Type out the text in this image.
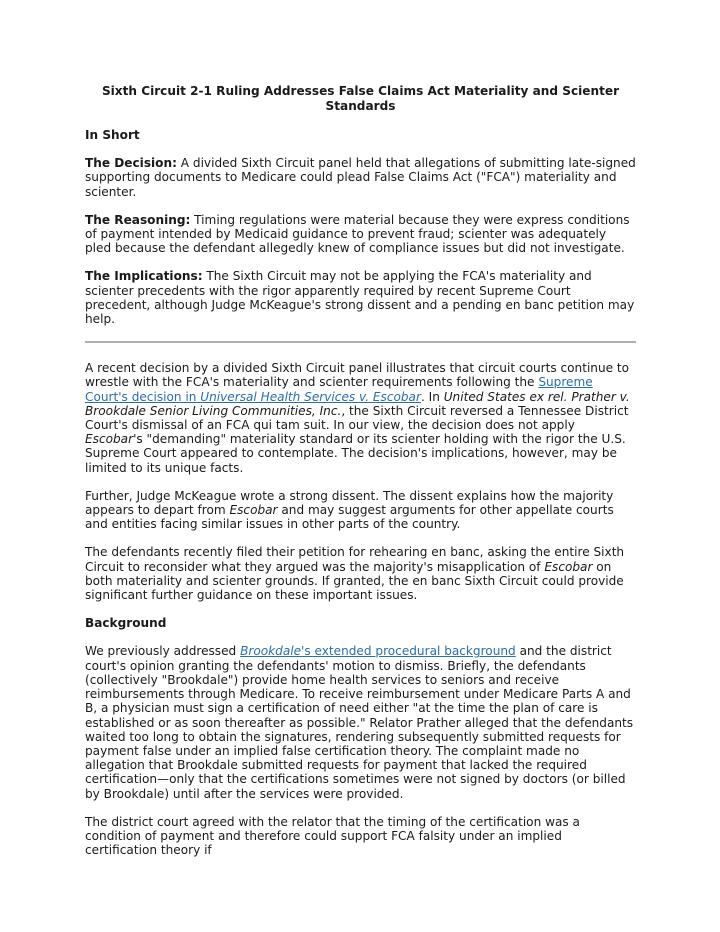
Sixth Circuit 2-1 Ruling Addresses False Claims Act Materiality and Scienter Standards
In Short

The Decision: A divided Sixth Circuit panel held that allegations of submitting late-signed supporting documents to Medicare could plead False Claims Act ("FCA") materiality and scienter.

The Reasoning: Timing regulations were material because they were express conditions of payment intended by Medicaid guidance to prevent fraud; scienter was adequately pled because the defendant allegedly knew of compliance issues but did not investigate.

The Implications: The Sixth Circuit may not be applying the FCA's materiality and scienter precedents with the rigor apparently required by recent Supreme Court precedent, although Judge McKeague's strong dissent and a pending en banc petition may help.

A recent decision by a divided Sixth Circuit panel illustrates that circuit courts continue to wrestle with the FCA's materiality and scienter requirements following the Supreme Court's decision in Universal Health Services v. Escobar. In United States ex rel. Prather v. Brookdale Senior Living Communities, Inc., the Sixth Circuit reversed a Tennessee District Court's dismissal of an FCA qui tam suit. In our view, the decision does not apply Escobar's "demanding" materiality standard or its scienter holding with the rigor the U.S. Supreme Court appeared to contemplate. The decision's implications, however, may be limited to its unique facts.

Further, Judge McKeague wrote a strong dissent. The dissent explains how the majority appears to depart from Escobar and may suggest arguments for other appellate courts and entities facing similar issues in other parts of the country.

The defendants recently filed their petition for rehearing en banc, asking the entire Sixth Circuit to reconsider what they argued was the majority's misapplication of Escobar on both materiality and scienter grounds. If granted, the en banc Sixth Circuit could provide significant further guidance on these important issues.

Background

We previously addressed Brookdale's extended procedural background and the district court's opinion granting the defendants' motion to dismiss. Briefly, the defendants (collectively "Brookdale") provide home health services to seniors and receive reimbursements through Medicare. To receive reimbursement under Medicare Parts A and B, a physician must sign a certification of need either "at the time the plan of care is established or as soon thereafter as possible." Relator Prather alleged that the defendants waited too long to obtain the signatures, rendering subsequently submitted requests for payment false under an implied false certification theory. The complaint made no allegation that Brookdale submitted requests for payment that lacked the required certification—only that the certifications sometimes were not signed by doctors (or billed by Brookdale) until after the services were provided.

The district court agreed with the relator that the timing of the certification was a condition of payment and therefore could support FCA falsity under an implied certification theory if
